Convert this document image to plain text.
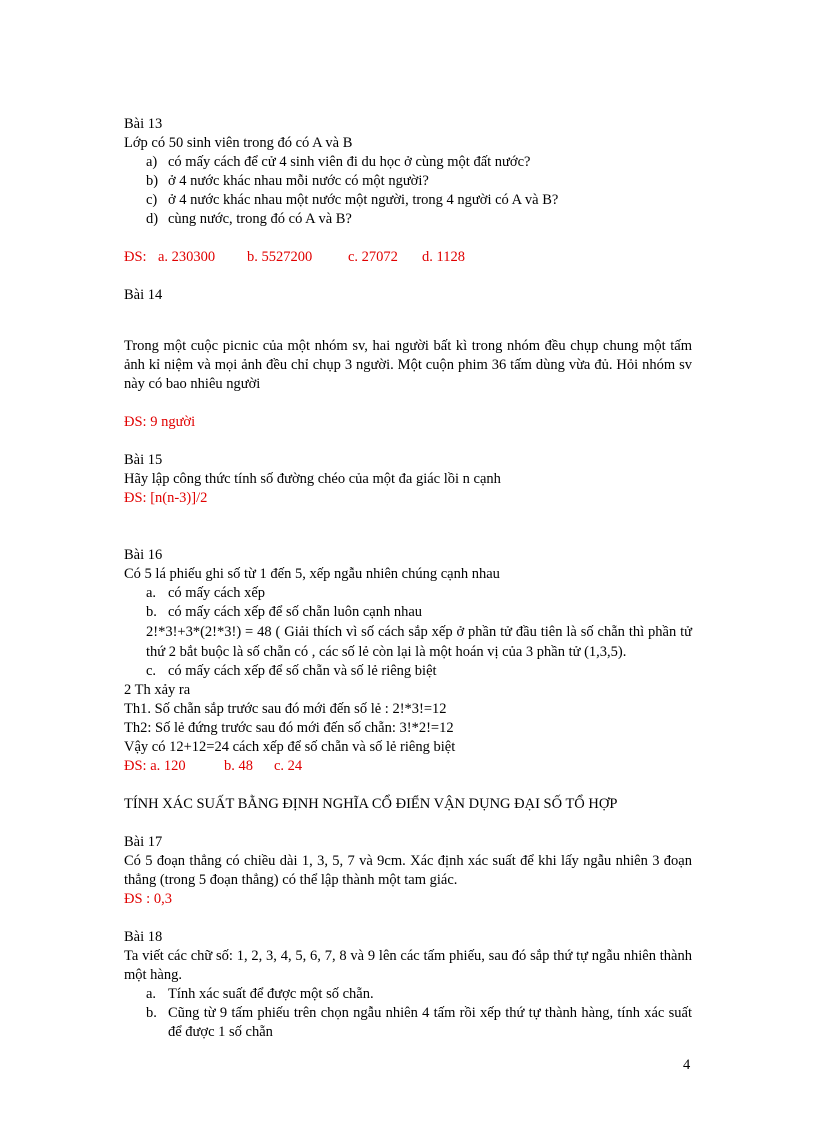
Bài 13
Lớp có 50 sinh viên trong đó có A và B
a) có mấy cách để cử 4 sinh viên đi du học ở cùng một đất nước?
b) ở 4 nước khác nhau mỗi nước có một người?
c) ở 4 nước khác nhau một nước một người, trong 4 người có A và B?
d) cùng nước, trong đó có A và B?
ĐS: a. 230300 b. 5527200 c. 27072 d. 1128
Bài 14
Trong một cuộc picnic của một nhóm sv, hai người bất kì trong nhóm đều chụp chung một tấm ảnh kỉ niệm và mọi ảnh đều chỉ chụp 3 người. Một cuộn phim 36 tấm dùng vừa đủ. Hỏi nhóm sv này có bao nhiêu người
ĐS: 9 người
Bài 15
Hãy lập công thức tính số đường chéo của một đa giác lồi n cạnh
ĐS: [n(n-3)]/2
Bài 16
Có 5 lá phiếu ghi số từ 1 đến 5, xếp ngẫu nhiên chúng cạnh nhau
a. có mấy cách xếp
b. có mấy cách xếp để số chẵn luôn cạnh nhau
2!*3!+3*(2!*3!) = 48 ( Giải thích vì số cách sắp xếp ở phần tử đầu tiên là số chẵn thì phần tử thứ 2 bắt buộc là số chẵn có , các số lẻ còn lại là một hoán vị của 3 phần tử (1,3,5).
c. có mấy cách xếp để số chẵn và số lẻ riêng biệt
2 Th xảy ra
Th1. Số chẵn sắp trước sau đó mới đến số lẻ : 2!*3!=12
Th2: Số lẻ đứng trước sau đó mới đến số chẵn: 3!*2!=12
Vậy có 12+12=24 cách xếp để số chẵn và số lẻ riêng biệt
ĐS: a. 120	b. 48 c. 24
TÍNH XÁC SUẤT BẰNG ĐỊNH NGHĨA CỔ ĐIỂN VẬN DỤNG ĐẠI SỐ TỔ HỢP
Bài 17
Có 5 đoạn thẳng có chiều dài 1, 3, 5, 7 và 9cm. Xác định xác suất để khi lấy ngẫu nhiên 3 đoạn thẳng (trong 5 đoạn thẳng) có thể lập thành một tam giác.
ĐS : 0,3
Bài 18
Ta viết các chữ số: 1, 2, 3, 4, 5, 6, 7, 8 và 9 lên các tấm phiếu, sau đó sắp thứ tự ngẫu nhiên thành một hàng.
a. Tính xác suất để được một số chẵn.
b. Cũng từ 9 tấm phiếu trên chọn ngẫu nhiên 4 tấm rồi xếp thứ tự thành hàng, tính xác suất để được 1 số chẵn
4
